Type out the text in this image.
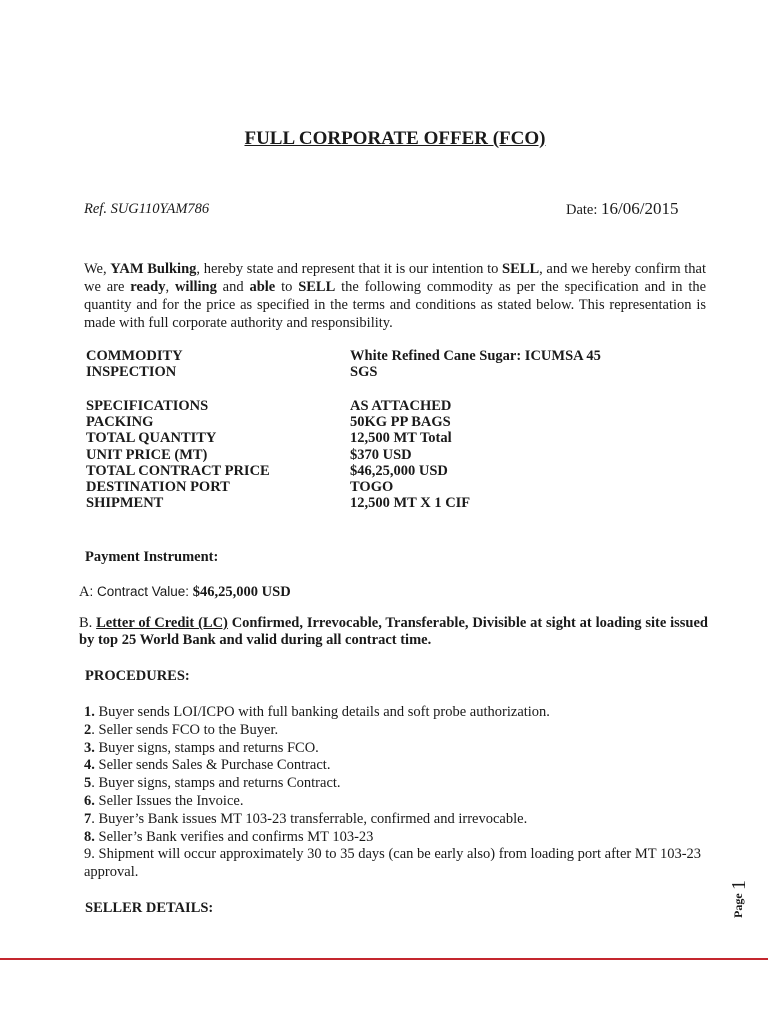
FULL CORPORATE OFFER (FCO)
Ref. SUG110YAM786	Date: 16/06/2015

We, YAM Bulking, hereby state and represent that it is our intention to SELL, and we hereby confirm that we are ready, willing and able to SELL the following commodity as per the specification and in the quantity and for the price as specified in the terms and conditions as stated below. This representation is made with full corporate authority and responsibility.

COMMODITY	White Refined Cane Sugar: ICUMSA 45
INSPECTION	SGS
SPECIFICATIONS	AS ATTACHED
PACKING	50KG PP BAGS
TOTAL QUANTITY	12,500 MT Total
UNIT PRICE (MT)	$370 USD
TOTAL CONTRACT PRICE	$46,25,000 USD
DESTINATION PORT	TOGO
SHIPMENT	12,500 MT X 1 CIF
Payment Instrument:
A: Contract Value: $46,25,000 USD

B. Letter of Credit (LC) Confirmed, Irrevocable, Transferable, Divisible at sight at loading site issued by top 25 World Bank and valid during all contract time.

PROCEDURES:
1. Buyer sends LOI/ICPO with full banking details and soft probe authorization.
2. Seller sends FCO to the Buyer.
3. Buyer signs, stamps and returns FCO.
4. Seller sends Sales & Purchase Contract.
5. Buyer signs, stamps and returns Contract.
6. Seller Issues the Invoice.
7. Buyer’s Bank issues MT 103-23 transferrable, confirmed and irrevocable.
8. Seller’s Bank verifies and confirms MT 103-23
9. Shipment will occur approximately 30 to 35 days (can be early also) from loading port after MT 103-23 approval.
SELLER DETAILS:	Page
1
